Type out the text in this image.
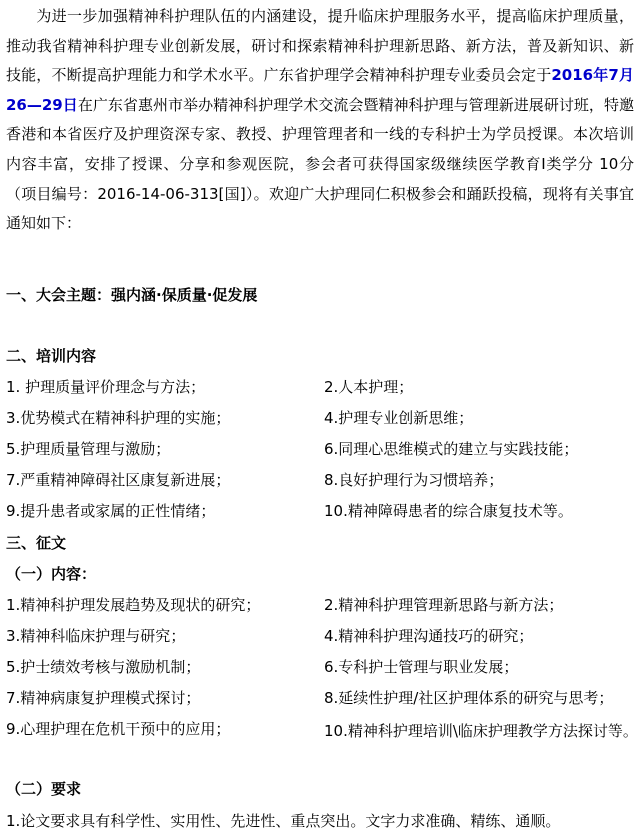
为进一步加强精神科护理队伍的内涵建设，提升临床护理服务水平，提高临床护理质量，推动我省精神科护理专业创新发展，研讨和探索精神科护理新思路、新方法，普及新知识、新技能，不断提高护理能力和学术水平。广东省护理学会精神科护理专业委员会定于2016年7月26—29日在广东省惠州市举办精神科护理学术交流会暨精神科护理与管理新进展研讨班，特邀香港和本省医疗及护理资深专家、教授、护理管理者和一线的专科护士为学员授课。本次培训内容丰富，安排了授课、分享和参观医院，参会者可获得国家级继续医学教育Ⅰ类学分 10分（项目编号：2016-14-06-313[国]）。欢迎广大护理同仁积极参会和踊跃投稿，现将有关事宜通知如下：

一、大会主题：强内涵·保质量·促发展
二、培训内容
1. 护理质量评价理念与方法；	2.人本护理；
3.优势模式在精神科护理的实施；	4.护理专业创新思维；
5.护理质量管理与激励；	6.同理心思维模式的建立与实践技能；
7.严重精神障碍社区康复新进展；	8.良好护理行为习惯培养；
9.提升患者或家属的正性情绪；	10.精神障碍患者的综合康复技术等。
三、征文
（一）内容：
1.精神科护理发展趋势及现状的研究；	2.精神科护理管理新思路与新方法；
3.精神科临床护理与研究；	4.精神科护理沟通技巧的研究；
5.护士绩效考核与激励机制；	6.专科护士管理与职业发展；
7.精神病康复护理模式探讨；	8.延续性护理/社区护理体系的研究与思考；
9.心理护理在危机干预中的应用；	10.精神科护理培训\临床护理教学方法探讨等。
（二）要求

1.论文要求具有科学性、实用性、先进性、重点突出。文字力求准确、精练、通顺。
